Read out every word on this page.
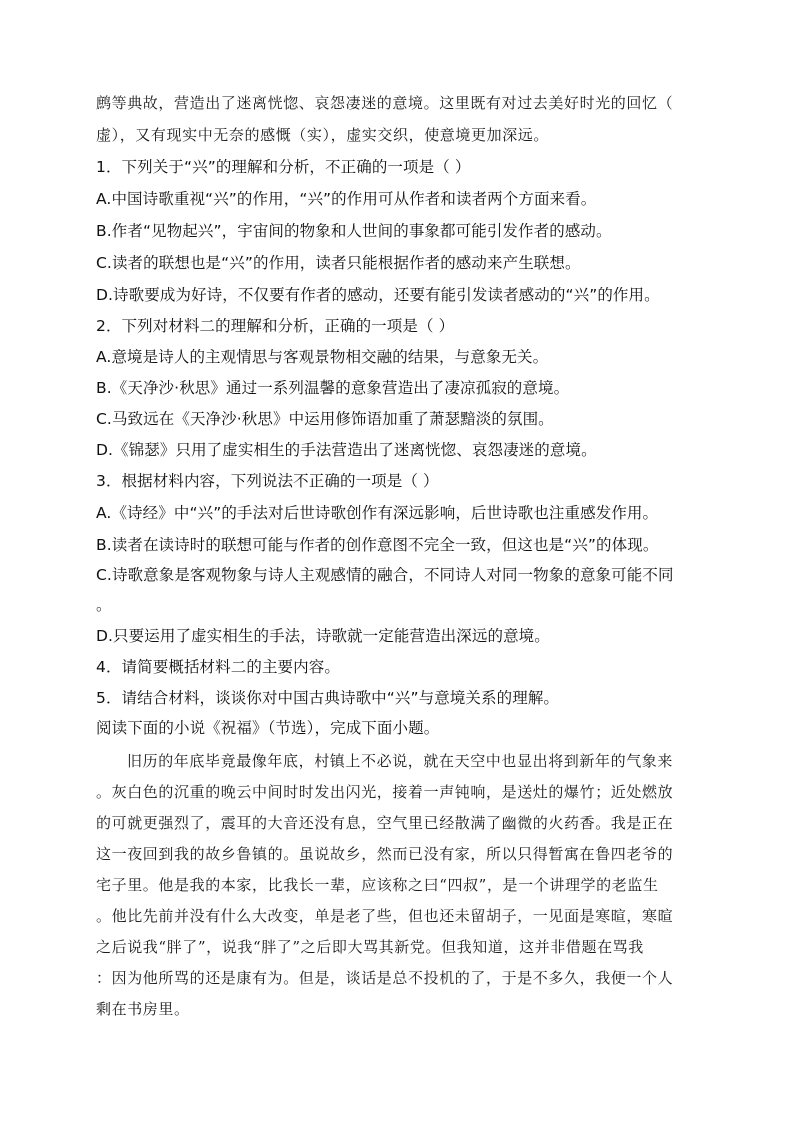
鹧等典故，营造出了迷离恍惚、哀怨凄迷的意境。这里既有对过去美好时光的回忆（
虚），又有现实中无奈的感慨（实），虚实交织，使意境更加深远。
1．下列关于“兴”的理解和分析，不正确的一项是（ ）
A.中国诗歌重视“兴”的作用，“兴”的作用可从作者和读者两个方面来看。
B.作者“见物起兴”，宇宙间的物象和人世间的事象都可能引发作者的感动。
C.读者的联想也是“兴”的作用，读者只能根据作者的感动来产生联想。
D.诗歌要成为好诗，不仅要有作者的感动，还要有能引发读者感动的“兴”的作用。
2．下列对材料二的理解和分析，正确的一项是（ ）
A.意境是诗人的主观情思与客观景物相交融的结果，与意象无关。
B.《天净沙·秋思》通过一系列温馨的意象营造出了凄凉孤寂的意境。
C.马致远在《天净沙·秋思》中运用修饰语加重了萧瑟黯淡的氛围。
D.《锦瑟》只用了虚实相生的手法营造出了迷离恍惚、哀怨凄迷的意境。
3．根据材料内容，下列说法不正确的一项是（ ）
A.《诗经》中“兴”的手法对后世诗歌创作有深远影响，后世诗歌也注重感发作用。
B.读者在读诗时的联想可能与作者的创作意图不完全一致，但这也是“兴”的体现。
C.诗歌意象是客观物象与诗人主观感情的融合，不同诗人对同一物象的意象可能不同
。
D.只要运用了虚实相生的手法，诗歌就一定能营造出深远的意境。
4．请简要概括材料二的主要内容。
5．请结合材料，谈谈你对中国古典诗歌中“兴”与意境关系的理解。
阅读下面的小说《祝福》（节选），完成下面小题。
旧历的年底毕竟最像年底，村镇上不必说，就在天空中也显出将到新年的气象来
。灰白色的沉重的晚云中间时时发出闪光，接着一声钝响，是送灶的爆竹；近处燃放
的可就更强烈了，震耳的大音还没有息，空气里已经散满了幽微的火药香。我是正在
这一夜回到我的故乡鲁镇的。虽说故乡，然而已没有家，所以只得暂寓在鲁四老爷的
宅子里。他是我的本家，比我长一辈，应该称之曰“四叔”，是一个讲理学的老监生
。他比先前并没有什么大改变，单是老了些，但也还未留胡子，一见面是寒暄，寒暄
之后说我“胖了”，说我“胖了”之后即大骂其新党。但我知道，这并非借题在骂我
：因为他所骂的还是康有为。但是，谈话是总不投机的了，于是不多久，我便一个人
剩在书房里。
